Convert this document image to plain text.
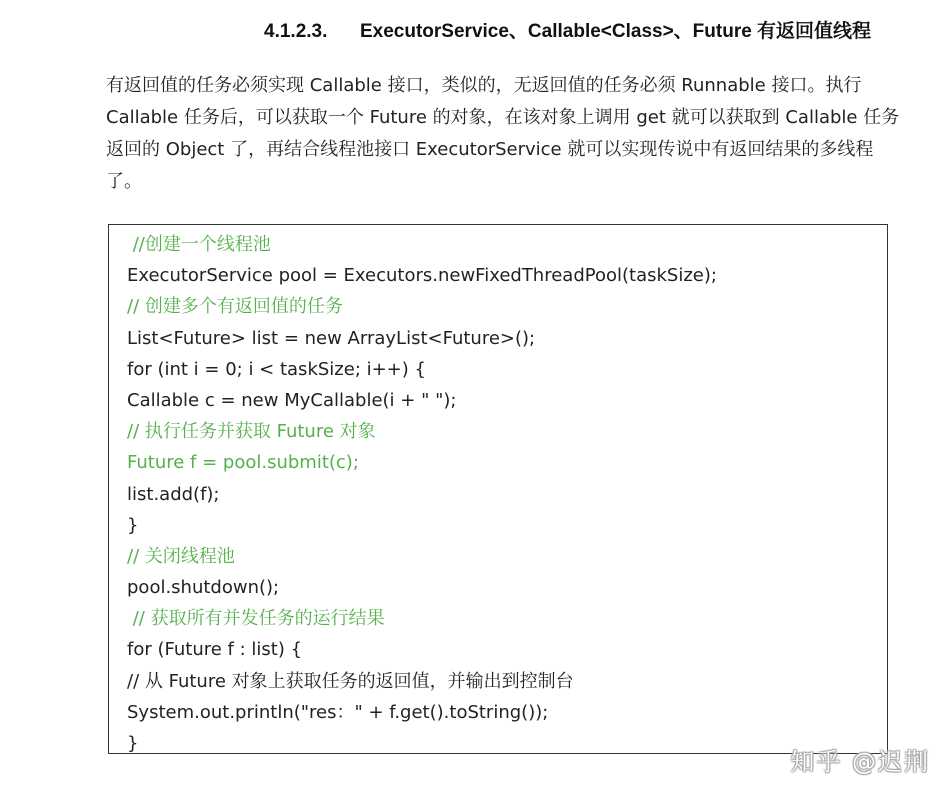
4.1.2.3. ExecutorService、Callable<Class>、Future 有返回值线程
有返回值的任务必须实现 Callable 接口，类似的，无返回值的任务必须 Runnable 接口。执行
Callable 任务后，可以获取一个 Future 的对象，在该对象上调用 get 就可以获取到 Callable 任务
返回的 Object 了，再结合线程池接口 ExecutorService 就可以实现传说中有返回结果的多线程
了。
//创建一个线程池
ExecutorService pool = Executors.newFixedThreadPool(taskSize);
// 创建多个有返回值的任务
List<Future> list = new ArrayList<Future>();
for (int i = 0; i < taskSize; i++) {
Callable c = new MyCallable(i + " ");
// 执行任务并获取 Future 对象
Future f = pool.submit(c);
list.add(f);
}
// 关闭线程池
pool.shutdown();
// 获取所有并发任务的运行结果
for (Future f : list) {
// 从 Future 对象上获取任务的返回值，并输出到控制台
System.out.println("res：" + f.get().toString());
}
知乎 @迟荆
